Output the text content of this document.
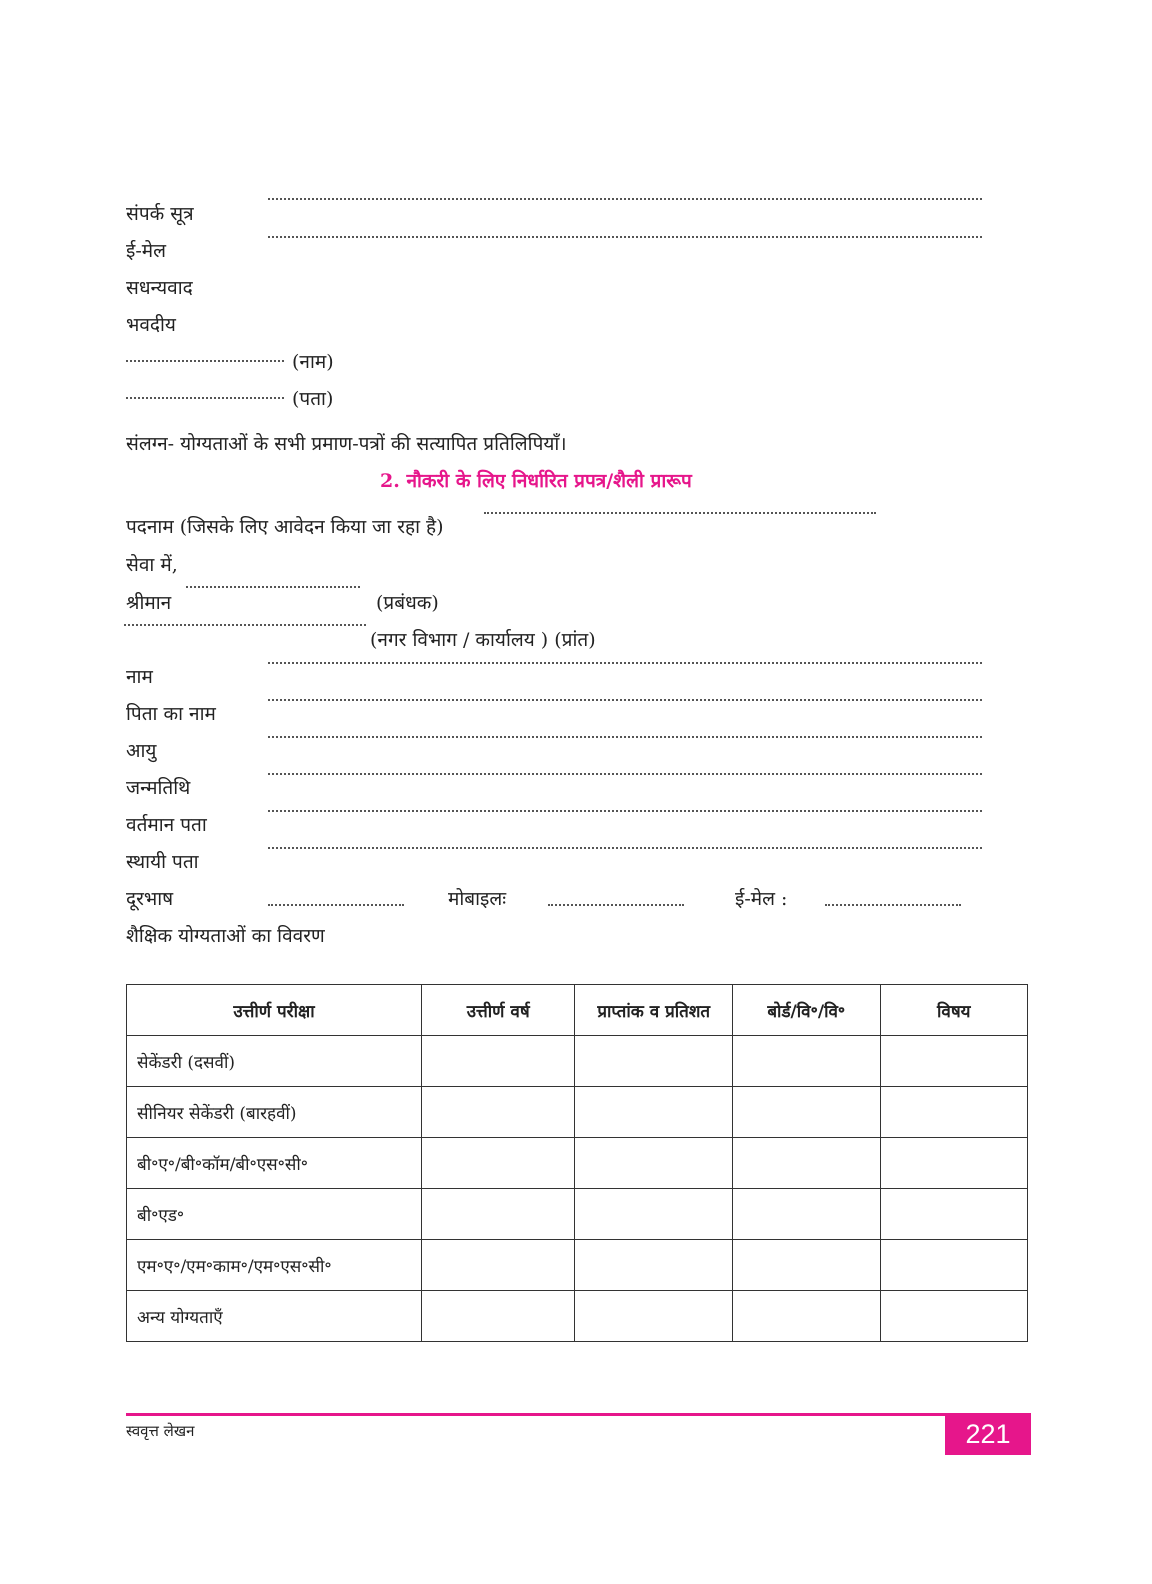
संपर्क सूत्र
ई-मेल
सधन्यवाद
भवदीय
(नाम)
(पता)
संलग्न- योग्यताओं के सभी प्रमाण-पत्रों की सत्यापित प्रतिलिपियाँ।
2. नौकरी के लिए निर्धारित प्रपत्र/शैली प्रारूप
पदनाम (जिसके लिए आवेदन किया जा रहा है)
सेवा में,
श्रीमान	(प्रबंधक)
(नगर विभाग / कार्यालय ) (प्रांत)
नाम
पिता का नाम
आयु
जन्मतिथि
वर्तमान पता
स्थायी पता
दूरभाष	मोबाइलः	ई-मेल :
शैक्षिक योग्यताओं का विवरण
उत्तीर्ण परीक्षा	उत्तीर्ण वर्ष	प्राप्तांक व प्रतिशत	बोर्ड/वि॰/वि॰	विषय
सेकेंडरी (दसवीं)				
सीनियर सेकेंडरी (बारहवीं)				
बी॰ए॰/बी॰कॉम/बी॰एस॰सी॰				
बी॰एड॰				
एम॰ए॰/एम॰काम॰/एम॰एस॰सी॰				
अन्य योग्यताएँ				
स्ववृत्त लेखन	221
